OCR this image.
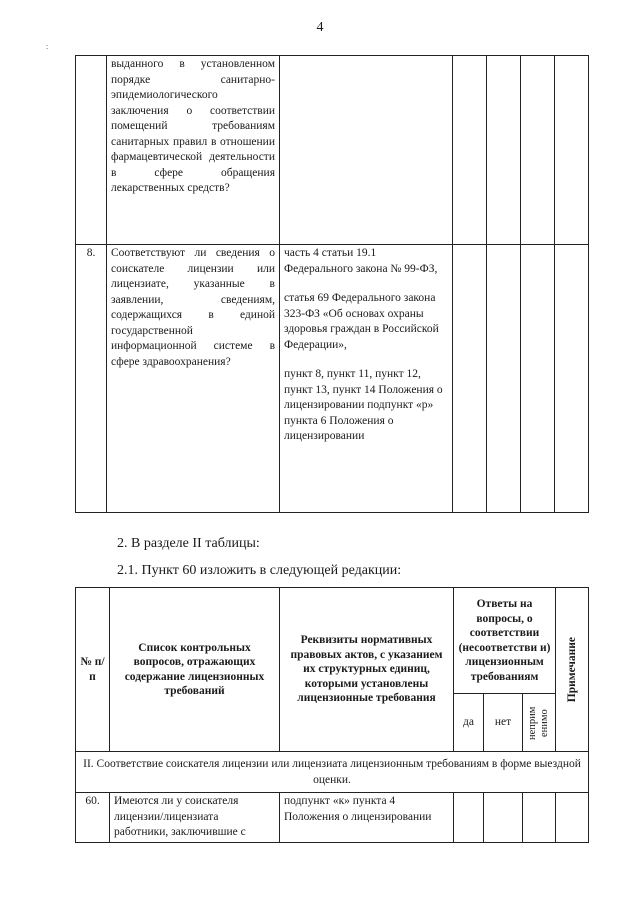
4
:
	выданного в установленном порядке санитарно-эпидемиологического заключения о соответствии помещений требованиям санитарных правил в отношении фармацевтической деятельности в сфере обращения лекарственных средств?					
8.	Соответствуют ли сведения о соискателе лицензии или лицензиате, указанные в заявлении, сведениям, содержащихся в единой государственной информационной системе в сфере здравоохранения?	часть 4 статьи 19.1 Федерального закона № 99-ФЗ,

статья 69 Федерального закона 323-ФЗ «Об основах охраны здоровья граждан в Российской Федерации»,

пункт 8, пункт 11, пункт 12, пункт 13, пункт 14 Положения о лицензировании подпункт «р» пункта 6 Положения о лицензировании				

2. В разделе II таблицы:
2.1. Пункт 60 изложить в следующей редакции:
№ п/п	Список контрольных вопросов, отражающих содержание лицензионных требований	Реквизиты нормативных правовых актов, с указанием их структурных единиц, которыми установлены лицензионные требования	Ответы на вопросы, о соответствии (несоответстви и) лицензионным требованиям			Примечание

			да	нет	неприм енимо	

II. Соответствие соискателя лицензии или лицензиата лицензионным требованиям в форме выездной оценки.						
60.	Имеются ли у соискателя лицензии/лицензиата работники, заключившие с	подпункт «к» пункта 4 Положения о лицензировании				
